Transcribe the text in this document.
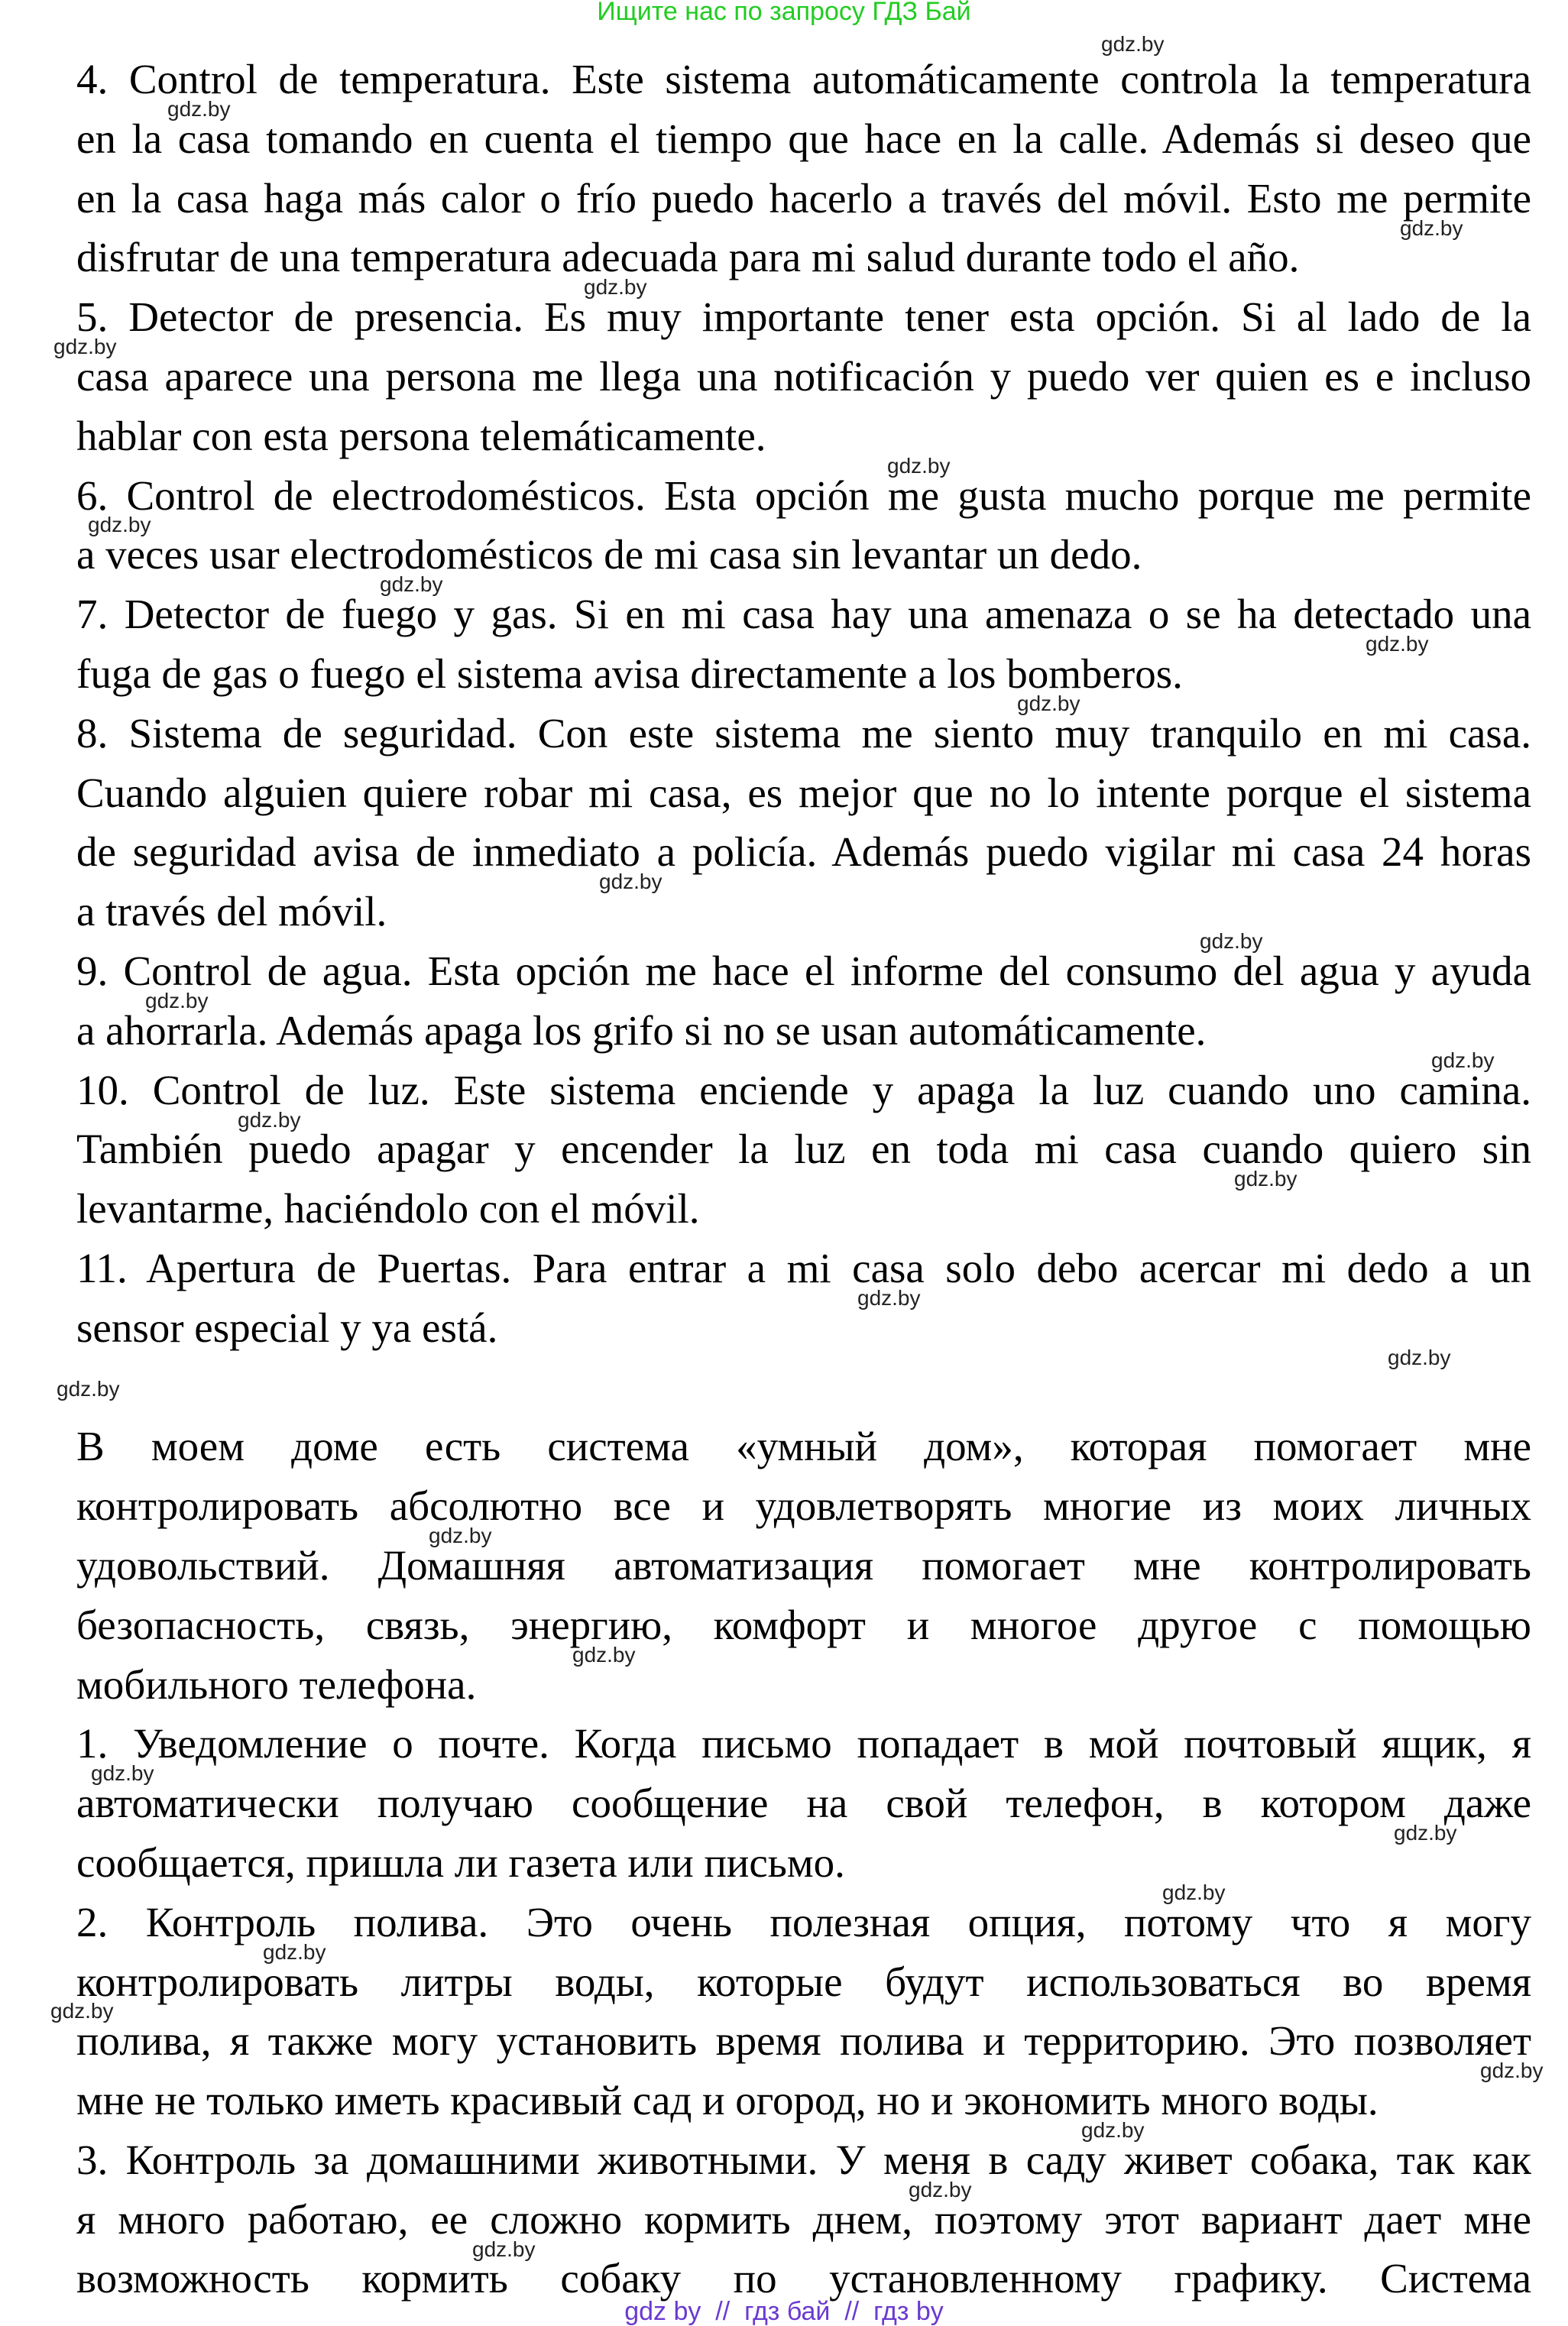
Ищите нас по запросу ГДЗ Бай
4. Control de temperatura. Este sistema automáticamente controla la temperatura
en la casa tomando en cuenta el tiempo que hace en la calle. Además si deseo que
en la casa haga más calor o frío puedo hacerlo a través del móvil. Esto me permite
disfrutar de una temperatura adecuada para mi salud durante todo el año.
5. Detector de presencia. Es muy importante tener esta opción. Si al lado de la
casa aparece una persona me llega una notificación y puedo ver quien es e incluso
hablar con esta persona telemáticamente.
6. Control de electrodomésticos. Esta opción me gusta mucho porque me permite
a veces usar electrodomésticos de mi casa sin levantar un dedo.
7. Detector de fuego y gas. Si en mi casa hay una amenaza o se ha detectado una
fuga de gas o fuego el sistema avisa directamente a los bomberos.
8. Sistema de seguridad. Con este sistema me siento muy tranquilo en mi casa.
Cuando alguien quiere robar mi casa, es mejor que no lo intente porque el sistema
de seguridad avisa de inmediato a policía. Además puedo vigilar mi casa 24 horas
a través del móvil.
9. Control de agua. Esta opción me hace el informe del consumo del agua y ayuda
a ahorrarla. Además apaga los grifo si no se usan automáticamente.
10. Control de luz. Este sistema enciende y apaga la luz cuando uno camina.
También puedo apagar y encender la luz en toda mi casa cuando quiero sin
levantarme, haciéndolo con el móvil.
11. Apertura de Puertas. Para entrar a mi casa solo debo acercar mi dedo a un
sensor especial y ya está.
В моем доме есть система «умный дом», которая помогает мне
контролировать абсолютно все и удовлетворять многие из моих личных
удовольствий. Домашняя автоматизация помогает мне контролировать
безопасность, связь, энергию, комфорт и многое другое с помощью
мобильного телефона.
1. Уведомление о почте. Когда письмо попадает в мой почтовый ящик, я
автоматически получаю сообщение на свой телефон, в котором даже
сообщается, пришла ли газета или письмо.
2. Контроль полива. Это очень полезная опция, потому что я могу
контролировать литры воды, которые будут использоваться во время
полива, я также могу установить время полива и территорию. Это позволяет
мне не только иметь красивый сад и огород, но и экономить много воды.
3. Контроль за домашними животными. У меня в саду живет собака, так как
я много работаю, ее сложно кормить днем, поэтому этот вариант дает мне
возможность кормить собаку по установленному графику. Система
gdz.by
gdz.by
gdz.by
gdz.by
gdz.by
gdz.by
gdz.by
gdz.by
gdz.by
gdz.by
gdz.by
gdz.by
gdz.by
gdz.by
gdz.by
gdz.by
gdz.by
gdz.by
gdz.by
gdz.by
gdz.by
gdz.by
gdz.by
gdz.by
gdz.by
gdz.by
gdz.by
gdz.by
gdz.by
gdz.by
gdz by  //  гдз бай  //  гдз by
